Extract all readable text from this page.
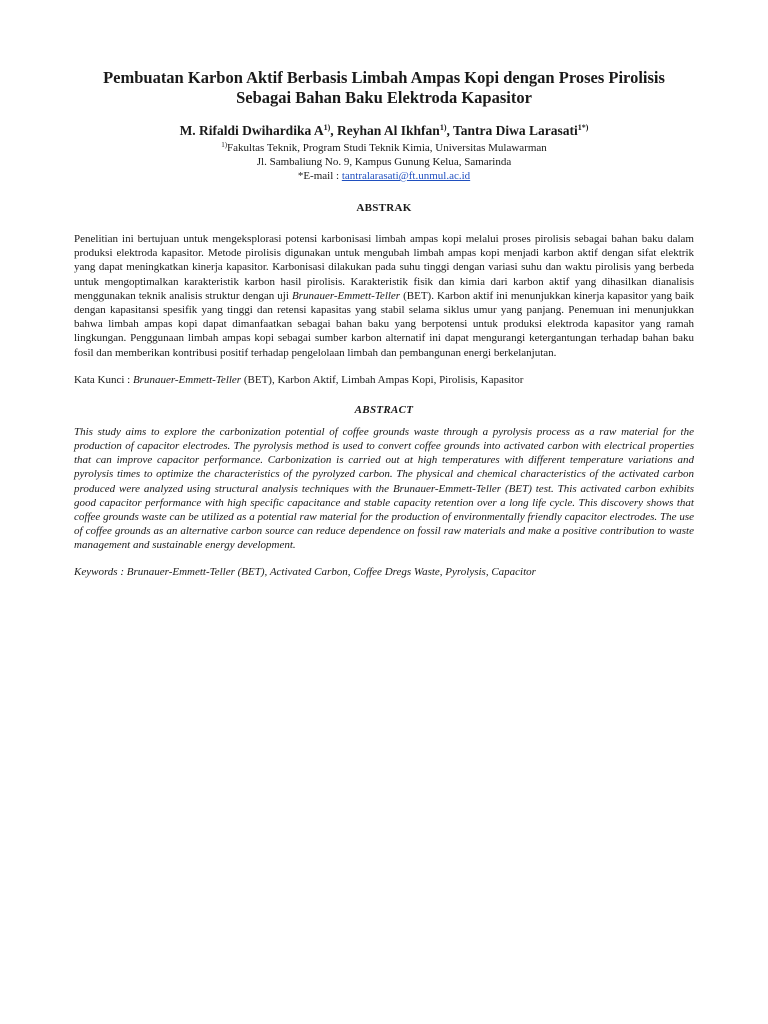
Pembuatan Karbon Aktif Berbasis Limbah Ampas Kopi dengan Proses Pirolisis
Sebagai Bahan Baku Elektroda Kapasitor
M. Rifaldi Dwihardika $A^{1)}$, Reyhan Al Ikhfan$^{1)}$, Tantra Diwa Larasati$^{1*)}$
$^{1)}$Fakultas Teknik, Program Studi Teknik Kimia, Universitas Mulawarman
Jl. Sambaliung No. 9, Kampus Gunung Kelua, Samarinda
*E-mail : tantralarasati@ft.unmul.ac.id
ABSTRAK

Penelitian ini bertujuan untuk mengeksplorasi potensi karbonisasi limbah ampas kopi melalui proses pirolisis sebagai bahan baku dalam produksi elektroda kapasitor. Metode pirolisis digunakan untuk mengubah limbah ampas kopi menjadi karbon aktif dengan sifat elektrik yang dapat meningkatkan kinerja kapasitor. Karbonisasi dilakukan pada suhu tinggi dengan variasi suhu dan waktu pirolisis yang berbeda untuk mengoptimalkan karakteristik karbon hasil pirolisis. Karakteristik fisik dan kimia dari karbon aktif yang dihasilkan dianalisis menggunakan teknik analisis struktur dengan uji Brunauer-Emmett-Teller (BET). Karbon aktif ini menunjukkan kinerja kapasitor yang baik dengan kapasitansi spesifik yang tinggi dan retensi kapasitas yang stabil selama siklus umur yang panjang. Penemuan ini menunjukkan bahwa limbah ampas kopi dapat dimanfaatkan sebagai bahan baku yang berpotensi untuk produksi elektroda kapasitor yang ramah lingkungan. Penggunaan limbah ampas kopi sebagai sumber karbon alternatif ini dapat mengurangi ketergantungan terhadap bahan baku fosil dan memberikan kontribusi positif terhadap pengelolaan limbah dan pembangunan energi berkelanjutan.

Kata Kunci : Brunauer-Emmett-Teller (BET), Karbon Aktif, Limbah Ampas Kopi, Pirolisis, Kapasitor
ABSTRACT

This study aims to explore the carbonization potential of coffee grounds waste through a pyrolysis process as a raw material for the production of capacitor electrodes. The pyrolysis method is used to convert coffee grounds into activated carbon with electrical properties that can improve capacitor performance. Carbonization is carried out at high temperatures with different temperature variations and pyrolysis times to optimize the characteristics of the pyrolyzed carbon. The physical and chemical characteristics of the activated carbon produced were analyzed using structural analysis techniques with the Brunauer-Emmett-Teller (BET) test. This activated carbon exhibits good capacitor performance with high specific capacitance and stable capacity retention over a long life cycle. This discovery shows that coffee grounds waste can be utilized as a potential raw material for the production of environmentally friendly capacitor electrodes. The use of coffee grounds as an alternative carbon source can reduce dependence on fossil raw materials and make a positive contribution to waste management and sustainable energy development.

Keywords : Brunauer-Emmett-Teller (BET), Activated Carbon, Coffee Dregs Waste, Pyrolysis, Capacitor
